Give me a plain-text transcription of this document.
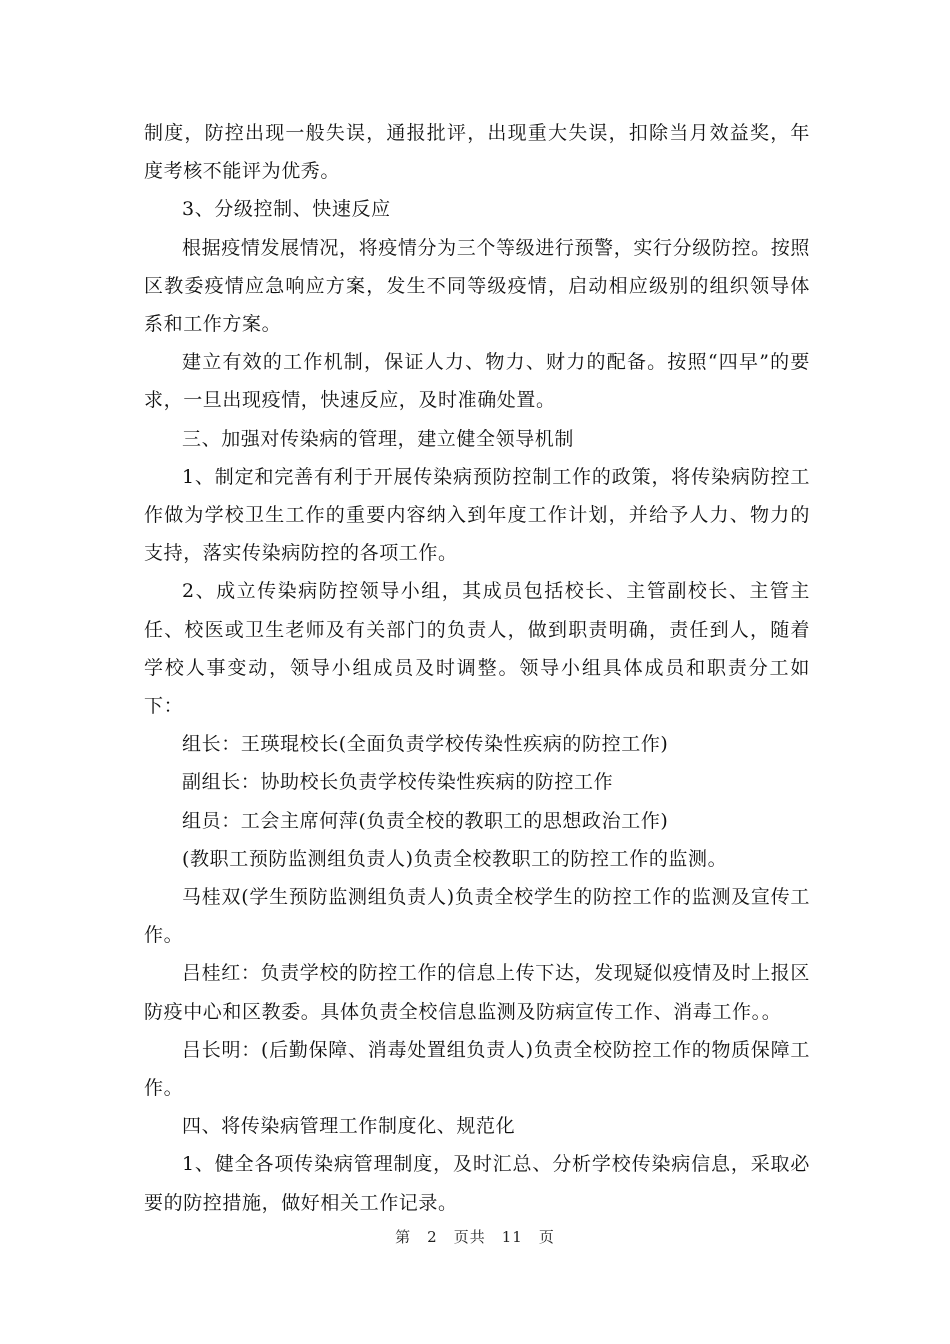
制度，防控出现一般失误，通报批评，出现重大失误，扣除当月效益奖，年度考核不能评为优秀。

3、分级控制、快速反应

根据疫情发展情况，将疫情分为三个等级进行预警，实行分级防控。按照区教委疫情应急响应方案，发生不同等级疫情，启动相应级别的组织领导体系和工作方案。

建立有效的工作机制，保证人力、物力、财力的配备。按照“四早”的要求，一旦出现疫情，快速反应，及时准确处置。

三、加强对传染病的管理，建立健全领导机制

1、制定和完善有利于开展传染病预防控制工作的政策，将传染病防控工作做为学校卫生工作的重要内容纳入到年度工作计划，并给予人力、物力的支持，落实传染病防控的各项工作。

2、成立传染病防控领导小组，其成员包括校长、主管副校长、主管主任、校医或卫生老师及有关部门的负责人，做到职责明确，责任到人，随着学校人事变动，领导小组成员及时调整。领导小组具体成员和职责分工如下：

组长：王瑛琨校长(全面负责学校传染性疾病的防控工作)

副组长：协助校长负责学校传染性疾病的防控工作

组员：工会主席何萍(负责全校的教职工的思想政治工作)

(教职工预防监测组负责人)负责全校教职工的防控工作的监测。

马桂双(学生预防监测组负责人)负责全校学生的防控工作的监测及宣传工作。

吕桂红：负责学校的防控工作的信息上传下达，发现疑似疫情及时上报区防疫中心和区教委。具体负责全校信息监测及防病宣传工作、消毒工作。。

吕长明：(后勤保障、消毒处置组负责人)负责全校防控工作的物质保障工作。

四、将传染病管理工作制度化、规范化

1、健全各项传染病管理制度，及时汇总、分析学校传染病信息，采取必要的防控措施，做好相关工作记录。

第 2 页共 11 页
